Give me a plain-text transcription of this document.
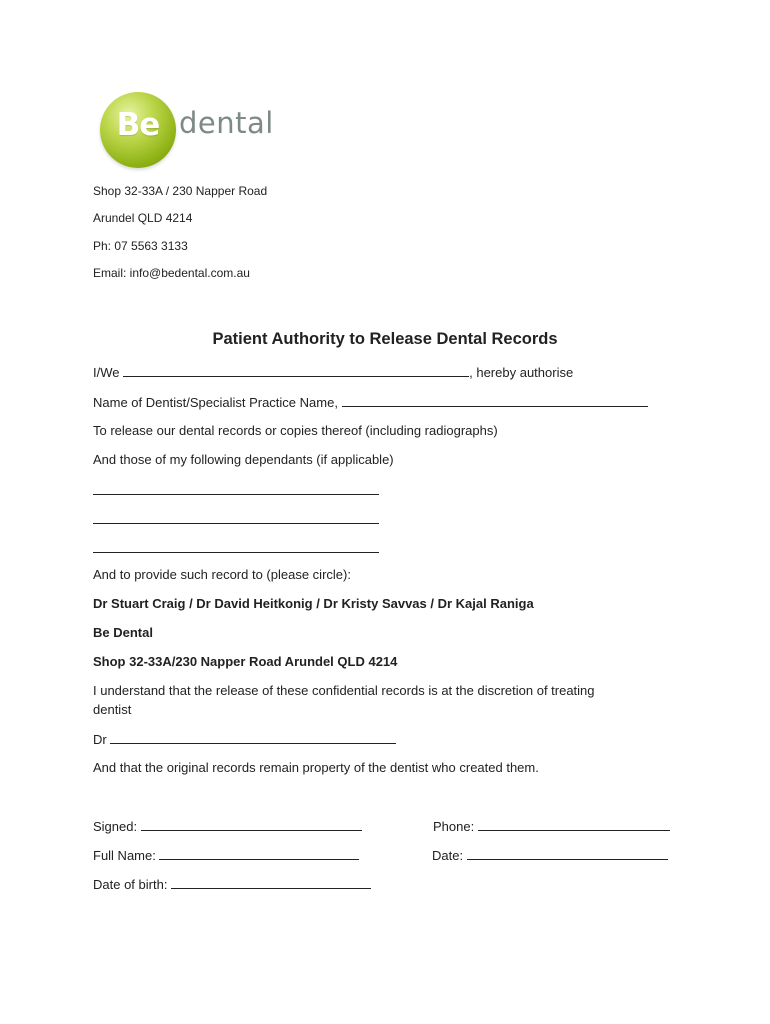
Be dental
Shop 32-33A / 230 Napper Road
Arundel QLD 4214
Ph: 07 5563 3133
Email: info@bedental.com.au
Patient Authority to Release Dental Records
I/We	, hereby authorise
Name of Dentist/Specialist Practice Name,
To release our dental records or copies thereof (including radiographs)
And those of my following dependants (if applicable)
And to provide such record to (please circle):
Dr Stuart Craig / Dr David Heitkonig / Dr Kristy Savvas / Dr Kajal Raniga
Be Dental
Shop 32-33A/230 Napper Road Arundel QLD 4214
I understand that the release of these confidential records is at the discretion of treating
dentist
Dr
And that the original records remain property of the dentist who created them.
Signed:	Phone:
Full Name:	Date:
Date of birth:
